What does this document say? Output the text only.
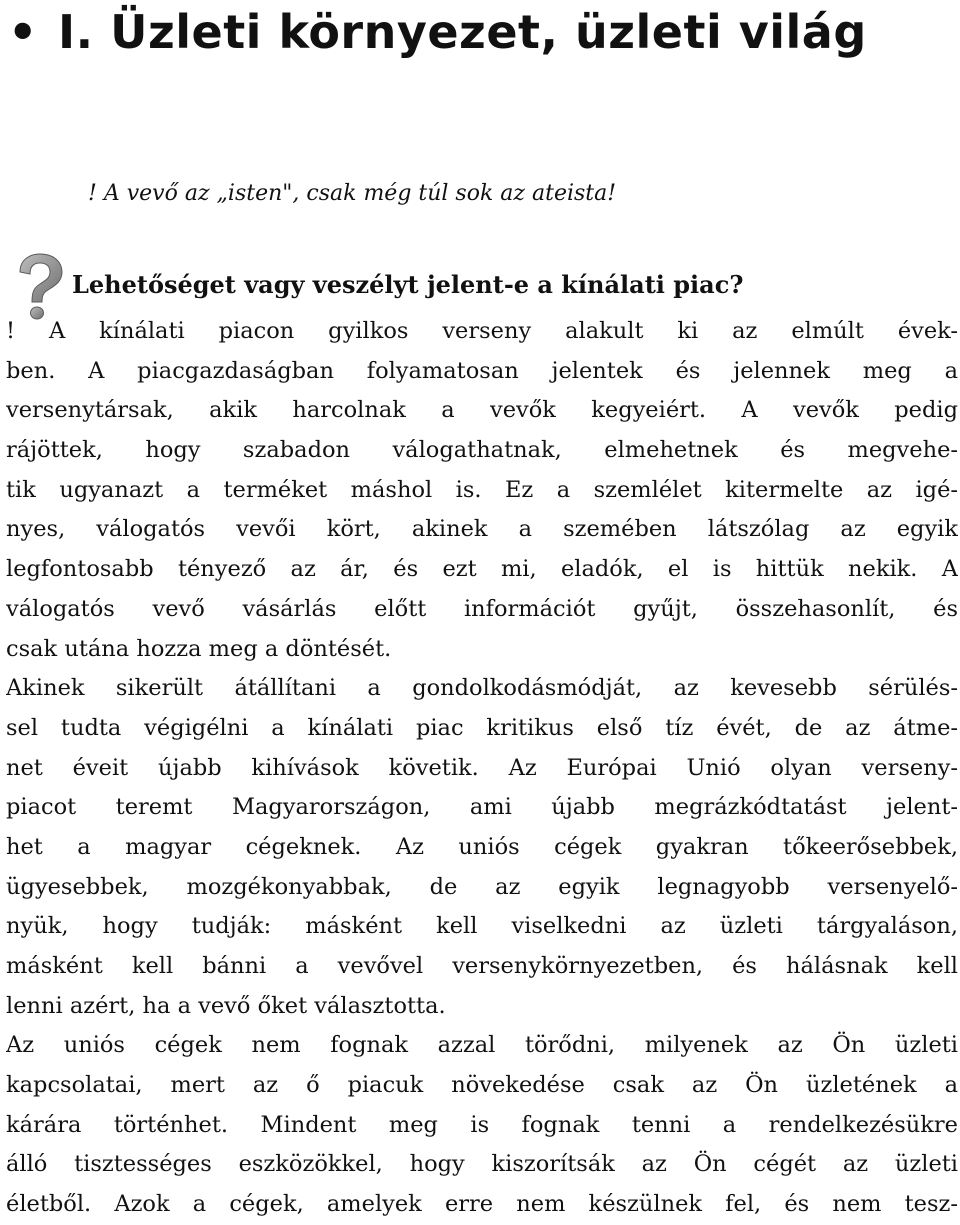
• I. Üzleti környezet, üzleti világ
! A vevő az „isten", csak még túl sok az ateista!
Lehetőséget vagy veszélyt jelent-e a kínálati piac?
! A kínálati piacon gyilkos verseny alakult ki az elmúlt évek-
ben. A piacgazdaságban folyamatosan jelentek és jelennek meg a
versenytársak, akik harcolnak a vevők kegyeiért. A vevők pedig
rájöttek, hogy szabadon válogathatnak, elmehetnek és megvehe-
tik ugyanazt a terméket máshol is. Ez a szemlélet kitermelte az igé-
nyes, válogatós vevői kört, akinek a szemében látszólag az egyik
legfontosabb tényező az ár, és ezt mi, eladók, el is hittük nekik. A
válogatós vevő vásárlás előtt információt gyűjt, összehasonlít, és
csak utána hozza meg a döntését.
Akinek sikerült átállítani a gondolkodásmódját, az kevesebb sérülés-
sel tudta végigélni a kínálati piac kritikus első tíz évét, de az átme-
net éveit újabb kihívások követik. Az Európai Unió olyan verseny-
piacot teremt Magyarországon, ami újabb megrázkódtatást jelent-
het a magyar cégeknek. Az uniós cégek gyakran tőkeerősebbek,
ügyesebbek, mozgékonyabbak, de az egyik legnagyobb versenyelő-
nyük, hogy tudják: másként kell viselkedni az üzleti tárgyaláson,
másként kell bánni a vevővel versenykörnyezetben, és hálásnak kell
lenni azért, ha a vevő őket választotta.
Az uniós cégek nem fognak azzal törődni, milyenek az Ön üzleti
kapcsolatai, mert az ő piacuk növekedése csak az Ön üzletének a
kárára történhet. Mindent meg is fognak tenni a rendelkezésükre
álló tisztességes eszközökkel, hogy kiszorítsák az Ön cégét az üzleti
életből. Azok a cégek, amelyek erre nem készülnek fel, és nem tesz-
